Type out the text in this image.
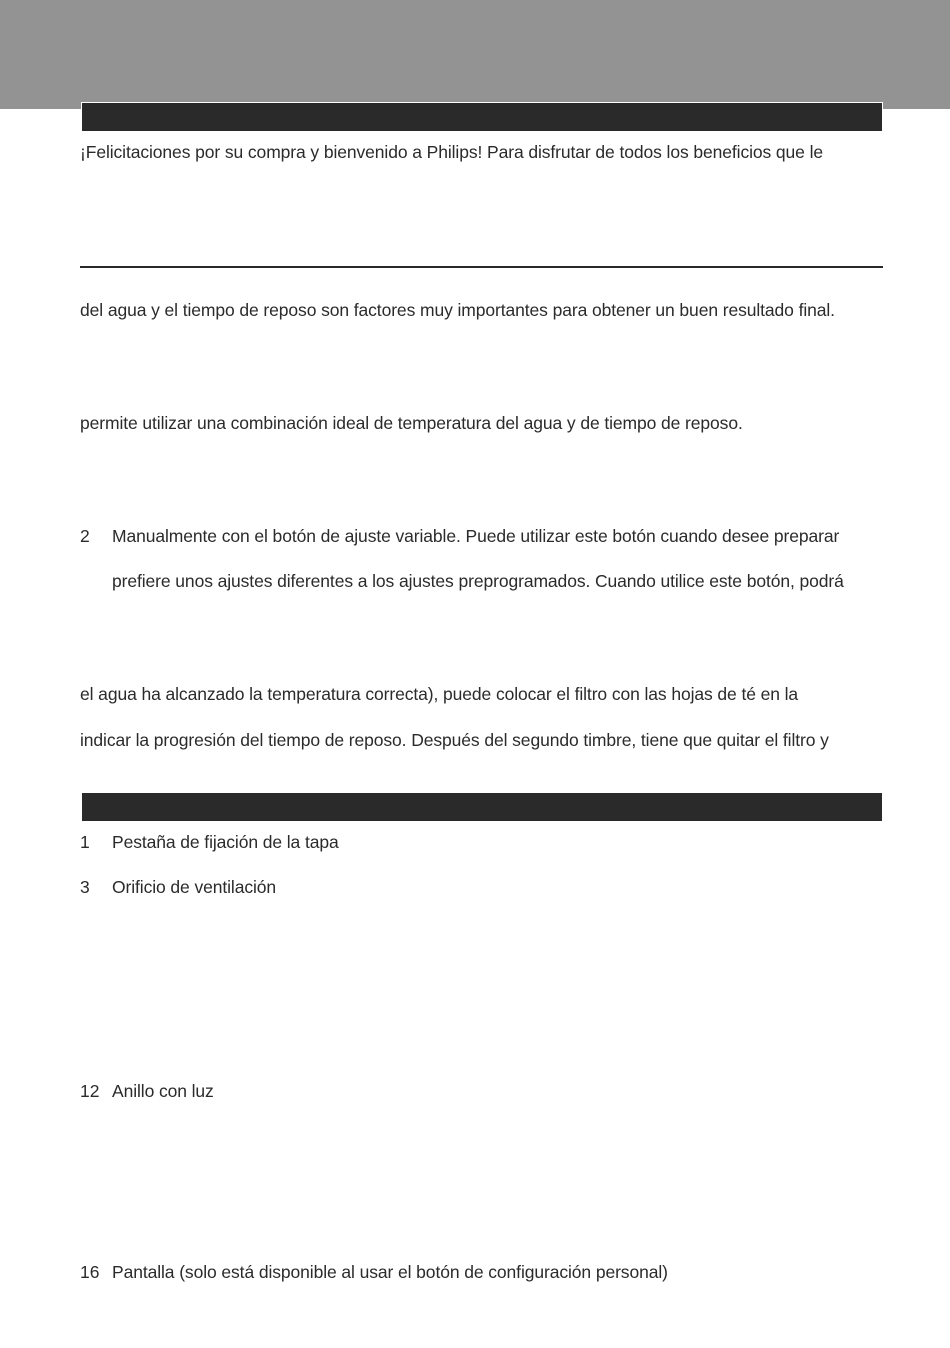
¡Felicitaciones por su compra y bienvenido a Philips! Para disfrutar de todos los beneficios que le
del agua y el tiempo de reposo son factores muy importantes para obtener un buen resultado final.
permite utilizar una combinación ideal de temperatura del agua y de tiempo de reposo.
2 Manualmente con el botón de ajuste variable. Puede utilizar este botón cuando desee preparar
prefiere unos ajustes diferentes a los ajustes preprogramados. Cuando utilice este botón, podrá
el agua ha alcanzado la temperatura correcta), puede colocar el filtro con las hojas de té en la
indicar la progresión del tiempo de reposo. Después del segundo timbre, tiene que quitar el filtro y
1 Pestaña de fijación de la tapa
3 Orificio de ventilación
12 Anillo con luz
16 Pantalla (solo está disponible al usar el botón de configuración personal)
